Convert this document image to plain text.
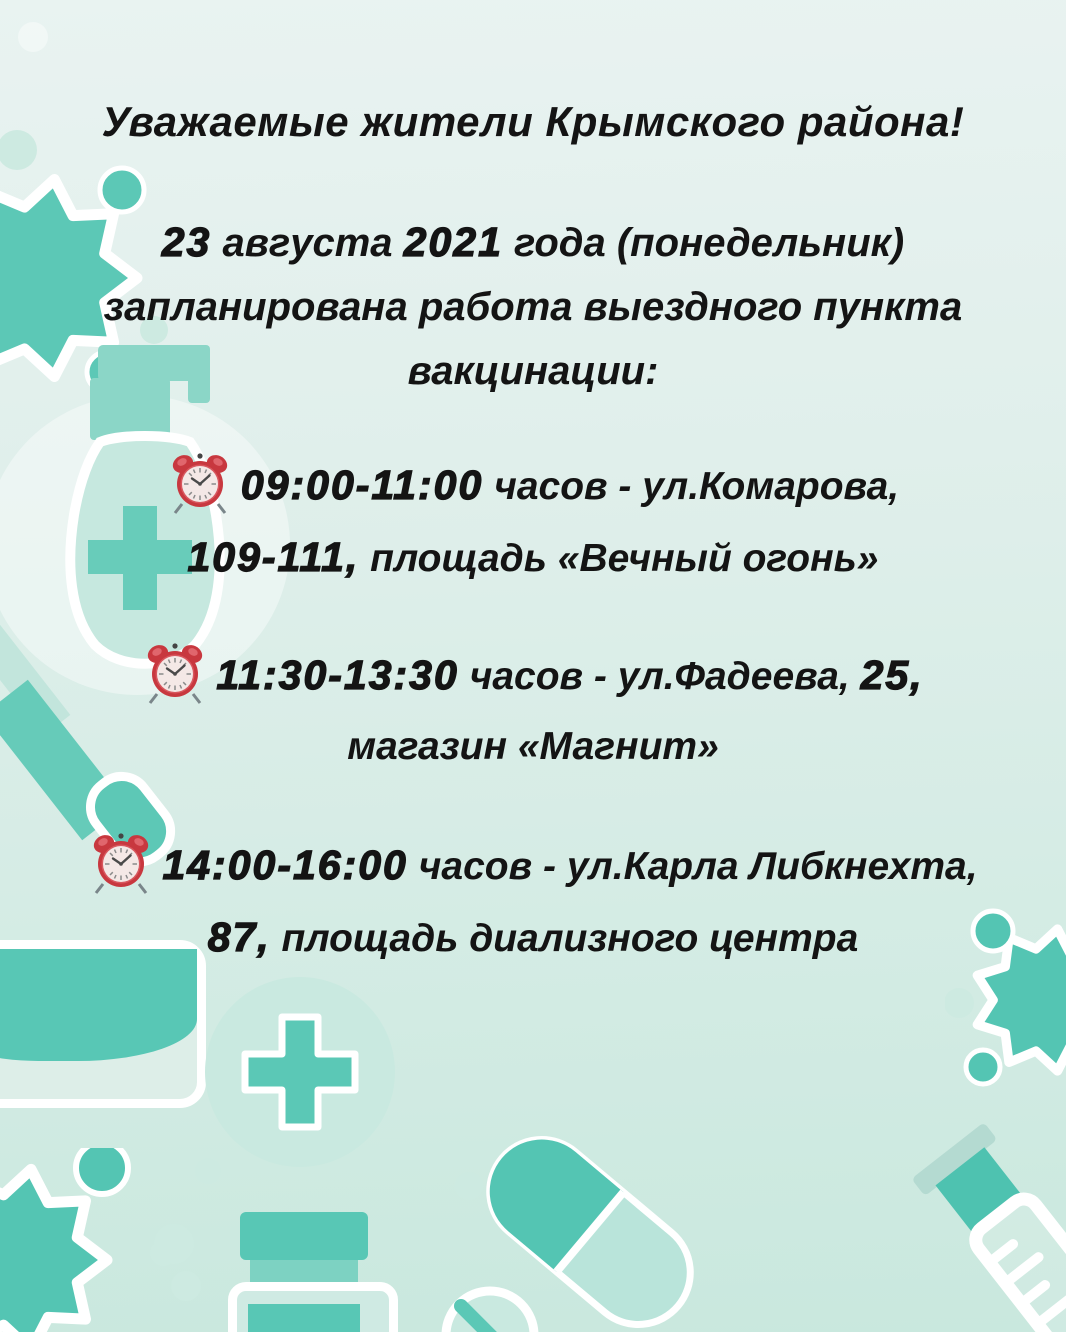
Уважаемые жители Крымского района!
23 августа 2021 года (понедельник)
запланирована работа выездного пункта
вакцинации:
09:00-11:00 часов - ул.Комарова,
109-111, площадь «Вечный огонь»
11:30-13:30 часов - ул.Фадеева, 25,
магазин «Магнит»
14:00-16:00 часов - ул.Карла Либкнехта,
87, площадь диализного центра
